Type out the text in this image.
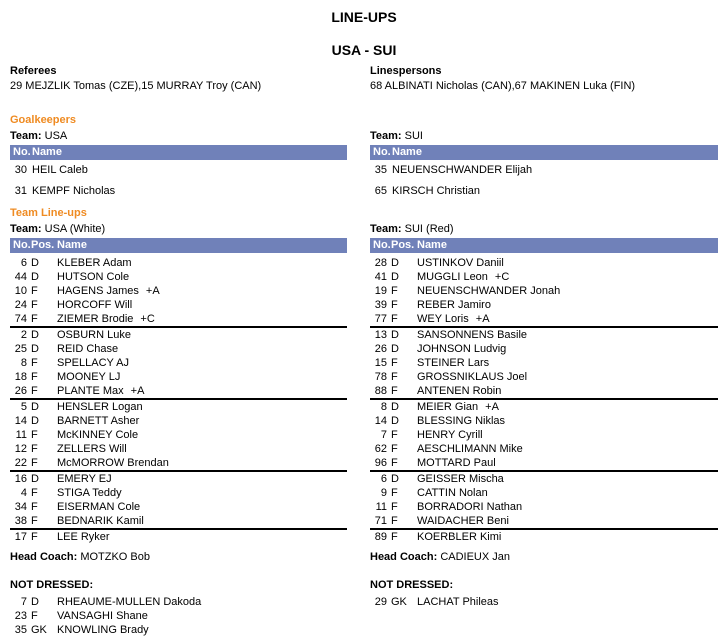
LINE-UPS
USA - SUI
Referees
29 MEJZLIK Tomas (CZE),15 MURRAY Troy (CAN)
Linespersons
68 ALBINATI Nicholas (CAN),67 MAKINEN Luka (FIN)
Goalkeepers
Team: USA
No. Name
30 HEIL Caleb
31 KEMPF Nicholas
Team Line-ups
Team: USA (White)
No. Pos. Name
6 D	KLEBER Adam
44 D	HUTSON Cole
10 F	HAGENS James +A
24 F	HORCOFF Will
74 F	ZIEMER Brodie +C
2 D	OSBURN Luke
25 D	REID Chase
8 F	SPELLACY AJ
18 F	MOONEY LJ
26 F	PLANTE Max +A
5 D	HENSLER Logan
14 D	BARNETT Asher
11 F	McKINNEY Cole
12 F	ZELLERS Will
22 F	McMORROW Brendan
16 D	EMERY EJ
4 F	STIGA Teddy
34 F	EISERMAN Cole
38 F	BEDNARIK Kamil
17 F	LEE Ryker
Head Coach: MOTZKO Bob
NOT DRESSED:
7 D	RHEAUME-MULLEN Dakoda
23 F	VANSAGHI Shane
35 GK KNOWLING Brady
Team: SUI
No. Name
35 NEUENSCHWANDER Elijah
65 KIRSCH Christian
Team: SUI (Red)
No. Pos. Name
28 D	USTINKOV Daniil
41 D	MUGGLI Leon +C
19 F	NEUENSCHWANDER Jonah
39 F	REBER Jamiro
77 F	WEY Loris +A
13 D	SANSONNENS Basile
26 D	JOHNSON Ludvig
15 F	STEINER Lars
78 F	GROSSNIKLAUS Joel
88 F	ANTENEN Robin
8 D	MEIER Gian +A
14 D	BLESSING Niklas
7 F	HENRY Cyrill
62 F	AESCHLIMANN Mike
96 F	MOTTARD Paul
6 D	GEISSER Mischa
9 F	CATTIN Nolan
11 F	BORRADORI Nathan
71 F	WAIDACHER Beni
89 F	KOERBLER Kimi
Head Coach: CADIEUX Jan
NOT DRESSED:
29 GK LACHAT Phileas
